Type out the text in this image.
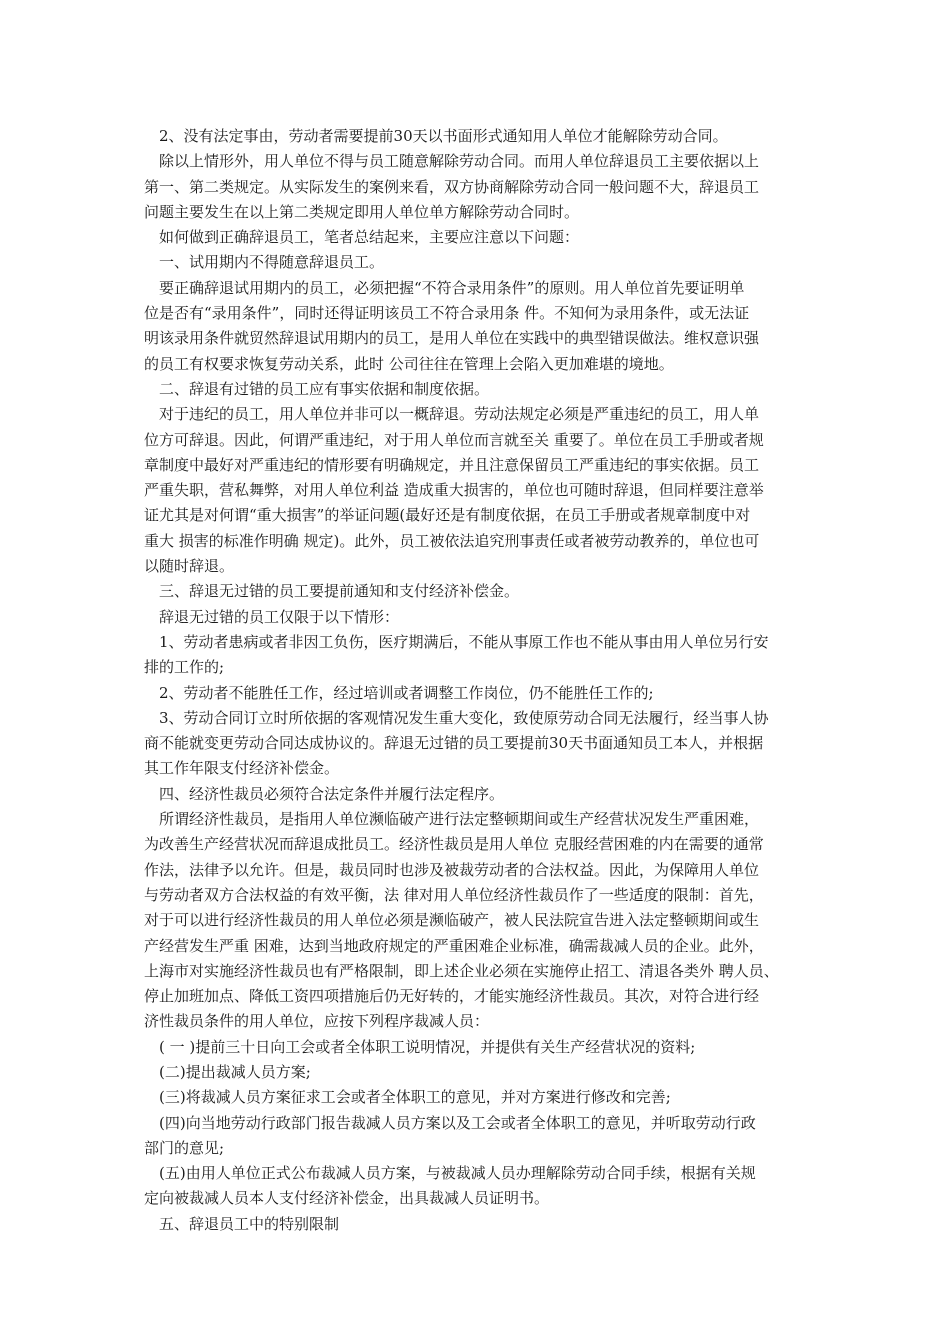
　2、没有法定事由，劳动者需要提前30天以书面形式通知用人单位才能解除劳动合同。
　除以上情形外，用人单位不得与员工随意解除劳动合同。而用人单位辞退员工主要依据以上
第一、第二类规定。从实际发生的案例来看，双方协商解除劳动合同一般问题不大，辞退员工
问题主要发生在以上第二类规定即用人单位单方解除劳动合同时。
　如何做到正确辞退员工，笔者总结起来，主要应注意以下问题：
　一、试用期内不得随意辞退员工。
　要正确辞退试用期内的员工，必须把握“不符合录用条件”的原则。用人单位首先要证明单
位是否有“录用条件”，同时还得证明该员工不符合录用条 件。不知何为录用条件，或无法证
明该录用条件就贸然辞退试用期内的员工，是用人单位在实践中的典型错误做法。维权意识强
的员工有权要求恢复劳动关系，此时 公司往往在管理上会陷入更加难堪的境地。
　二、辞退有过错的员工应有事实依据和制度依据。
　对于违纪的员工，用人单位并非可以一概辞退。劳动法规定必须是严重违纪的员工，用人单
位方可辞退。因此，何谓严重违纪，对于用人单位而言就至关 重要了。单位在员工手册或者规
章制度中最好对严重违纪的情形要有明确规定，并且注意保留员工严重违纪的事实依据。员工
严重失职，营私舞弊，对用人单位利益 造成重大损害的，单位也可随时辞退，但同样要注意举
证尤其是对何谓“重大损害”的举证问题(最好还是有制度依据，在员工手册或者规章制度中对
重大 损害的标准作明确 规定)。此外，员工被依法追究刑事责任或者被劳动教养的，单位也可
以随时辞退。
　三、辞退无过错的员工要提前通知和支付经济补偿金。
　辞退无过错的员工仅限于以下情形：
　1、劳动者患病或者非因工负伤，医疗期满后，不能从事原工作也不能从事由用人单位另行安
排的工作的;
　2、劳动者不能胜任工作，经过培训或者调整工作岗位，仍不能胜任工作的;
　3、劳动合同订立时所依据的客观情况发生重大变化，致使原劳动合同无法履行，经当事人协
商不能就变更劳动合同达成协议的。辞退无过错的员工要提前30天书面通知员工本人，并根据
其工作年限支付经济补偿金。
　四、经济性裁员必须符合法定条件并履行法定程序。
　所谓经济性裁员，是指用人单位濒临破产进行法定整顿期间或生产经营状况发生严重困难，
为改善生产经营状况而辞退成批员工。经济性裁员是用人单位 克服经营困难的内在需要的通常
作法，法律予以允许。但是，裁员同时也涉及被裁劳动者的合法权益。因此，为保障用人单位
与劳动者双方合法权益的有效平衡，法 律对用人单位经济性裁员作了一些适度的限制：首先，
对于可以进行经济性裁员的用人单位必须是濒临破产，被人民法院宣告进入法定整顿期间或生
产经营发生严重 困难，达到当地政府规定的严重困难企业标准，确需裁减人员的企业。此外，
上海市对实施经济性裁员也有严格限制，即上述企业必须在实施停止招工、清退各类外 聘人员、
停止加班加点、降低工资四项措施后仍无好转的，才能实施经济性裁员。其次，对符合进行经
济性裁员条件的用人单位，应按下列程序裁减人员：
　( 一 )提前三十日向工会或者全体职工说明情况，并提供有关生产经营状况的资料;
　(二)提出裁减人员方案;
　(三)将裁减人员方案征求工会或者全体职工的意见，并对方案进行修改和完善;
　(四)向当地劳动行政部门报告裁减人员方案以及工会或者全体职工的意见，并听取劳动行政
部门的意见;
　(五)由用人单位正式公布裁减人员方案，与被裁减人员办理解除劳动合同手续，根据有关规
定向被裁减人员本人支付经济补偿金，出具裁减人员证明书。
　五、辞退员工中的特别限制
